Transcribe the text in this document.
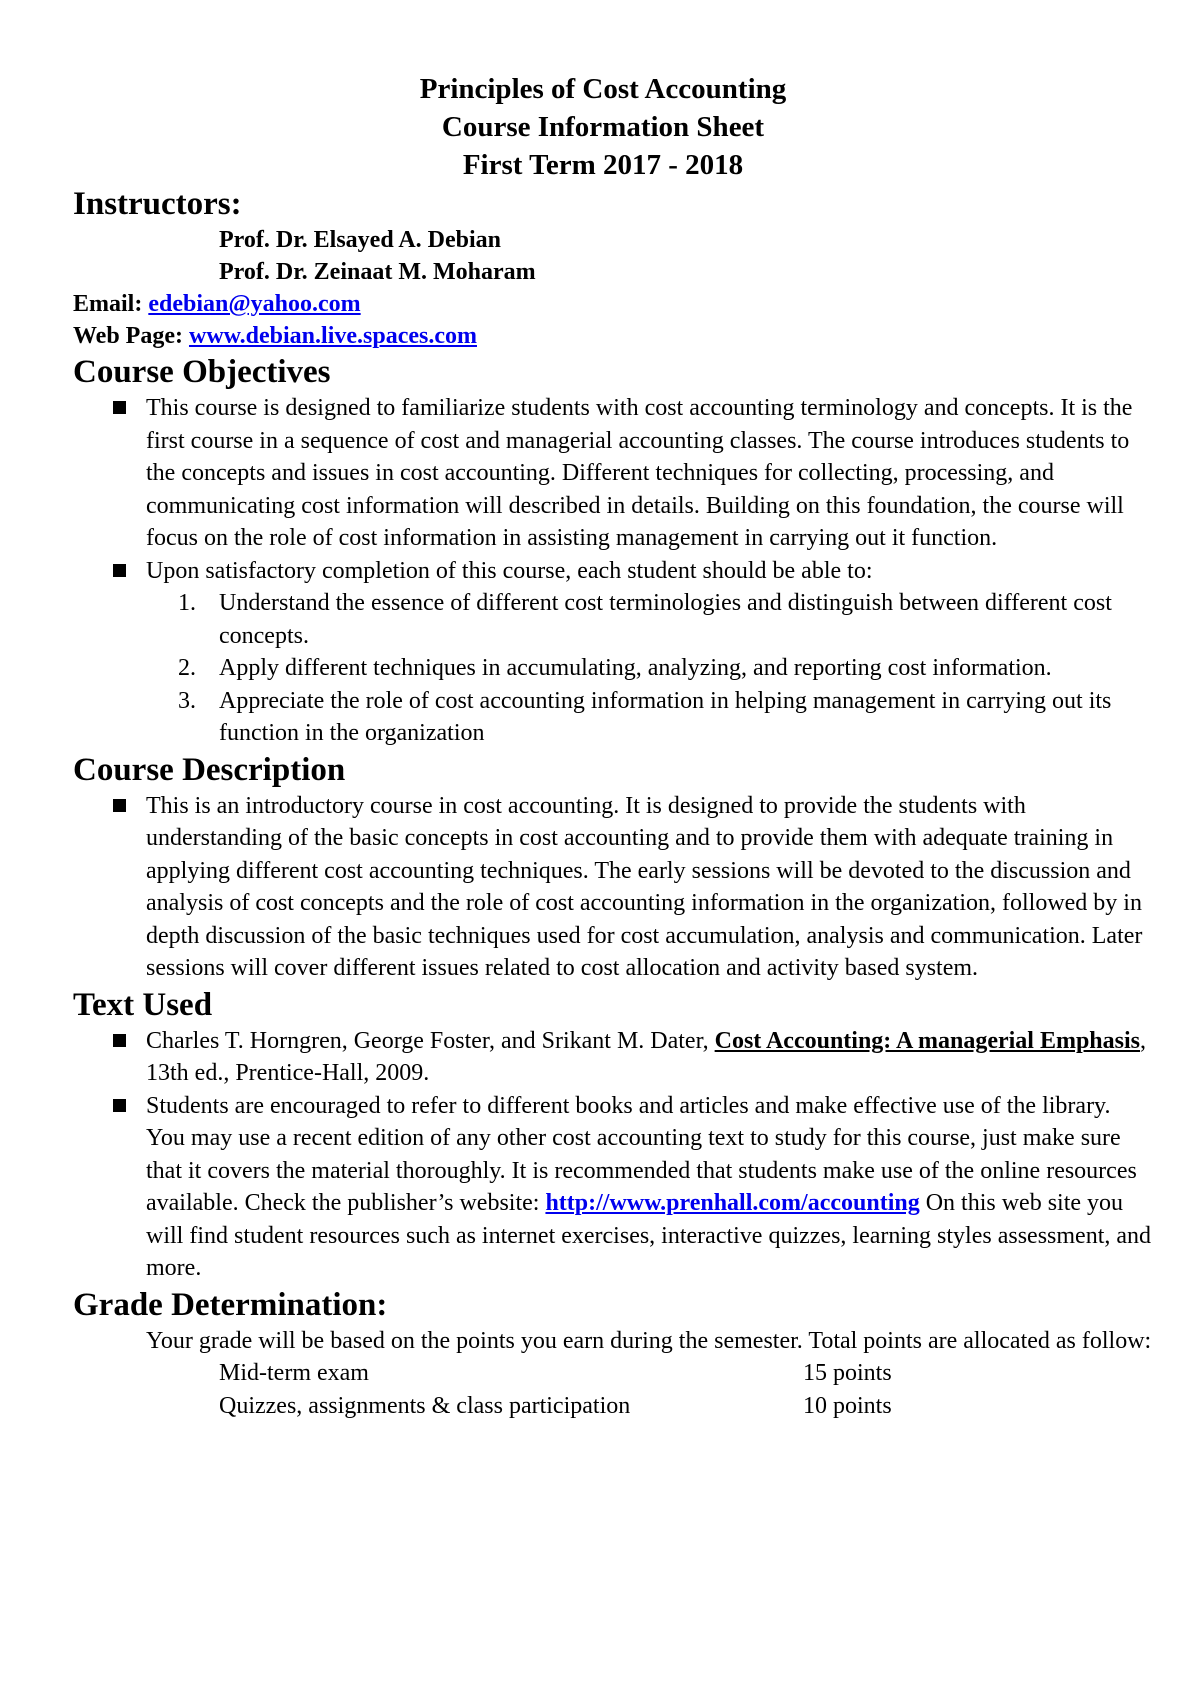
Principles of Cost Accounting
Course Information Sheet
First Term 2017 - 2018
Instructors:
Prof. Dr. Elsayed A. Debian
Prof. Dr. Zeinaat M. Moharam
Email: edebian@yahoo.com
Web Page: www.debian.live.spaces.com
Course Objectives
This course is designed to familiarize students with cost accounting terminology and concepts. It is the first course in a sequence of cost and managerial accounting classes. The course introduces students to the concepts and issues in cost accounting. Different techniques for collecting, processing, and communicating cost information will described in details. Building on this foundation, the course will focus on the role of cost information in assisting management in carrying out it function.
Upon satisfactory completion of this course, each student should be able to:
1. Understand the essence of different cost terminologies and distinguish between different cost concepts.
2. Apply different techniques in accumulating, analyzing, and reporting cost information.
3. Appreciate the role of cost accounting information in helping management in carrying out its function in the organization
Course Description
This is an introductory course in cost accounting. It is designed to provide the students with understanding of the basic concepts in cost accounting and to provide them with adequate training in applying different cost accounting techniques. The early sessions will be devoted to the discussion and analysis of cost concepts and the role of cost accounting information in the organization, followed by in depth discussion of the basic techniques used for cost accumulation, analysis and communication. Later sessions will cover different issues related to cost allocation and activity based system.
Text Used
Charles T. Horngren, George Foster, and Srikant M. Dater, Cost Accounting: A managerial Emphasis, 13th ed., Prentice-Hall, 2009.
Students are encouraged to refer to different books and articles and make effective use of the library. You may use a recent edition of any other cost accounting text to study for this course, just make sure that it covers the material thoroughly. It is recommended that students make use of the online resources available. Check the publisher’s website: http://www.prenhall.com/accounting On this web site you will find student resources such as internet exercises, interactive quizzes, learning styles assessment, and more.
Grade Determination:
Your grade will be based on the points you earn during the semester. Total points are allocated as follow:
Mid-term exam	15 points
Quizzes, assignments & class participation	10 points
